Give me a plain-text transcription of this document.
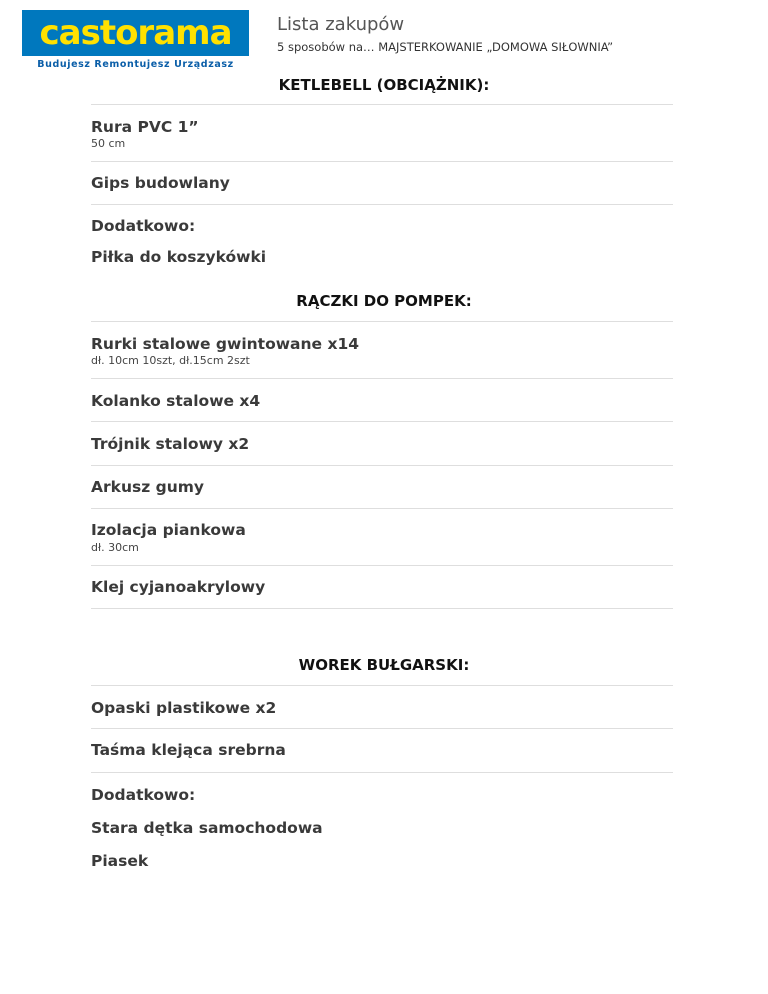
castorama
Budujesz Remontujesz Urządzasz
Lista zakupów
5 sposobów na… MAJSTERKOWANIE „DOMOWA SIŁOWNIA”
KETLEBELL (OBCIĄŻNIK):
Rura PVC 1”
50 cm
Gips budowlany
Dodatkowo:
Piłka do koszykówki
RĄCZKI DO POMPEK:
Rurki stalowe gwintowane x14
dł. 10cm 10szt, dł.15cm 2szt
Kolanko stalowe x4
Trójnik stalowy x2
Arkusz gumy
Izolacja piankowa
dł. 30cm
Klej cyjanoakrylowy
WOREK BUŁGARSKI:
Opaski plastikowe x2
Taśma klejąca srebrna
Dodatkowo:
Stara dętka samochodowa
Piasek
